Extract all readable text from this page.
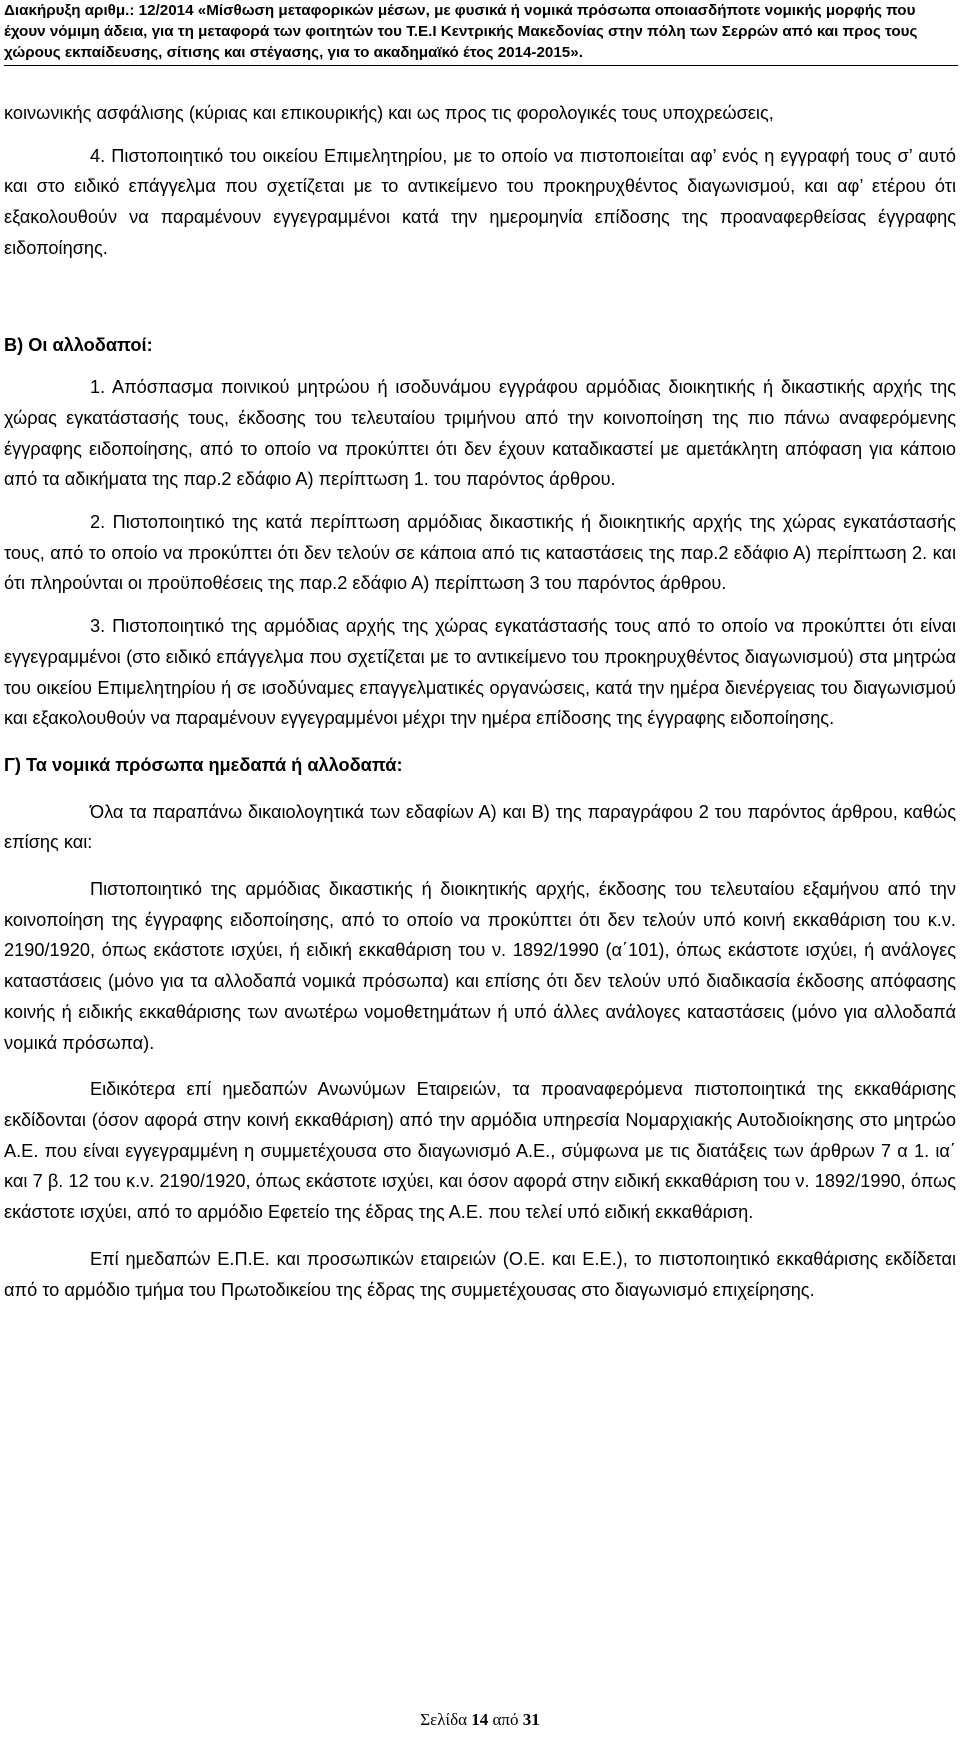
Διακήρυξη αριθμ.: 12/2014 «Μίσθωση μεταφορικών μέσων, με φυσικά ή νομικά πρόσωπα οποιασδήποτε νομικής μορφής που έχουν νόμιμη άδεια, για τη μεταφορά των φοιτητών του Τ.Ε.Ι Κεντρικής Μακεδονίας στην πόλη των Σερρών από και προς τους χώρους εκπαίδευσης, σίτισης και στέγασης, για το ακαδημαϊκό έτος 2014-2015».

κοινωνικής ασφάλισης (κύριας και επικουρικής) και ως προς τις φορολογικές τους υποχρεώσεις,

4. Πιστοποιητικό του οικείου Επιμελητηρίου, με το οποίο να πιστοποιείται αφ’ ενός η εγγραφή τους σ’ αυτό και στο ειδικό επάγγελμα που σχετίζεται με το αντικείμενο του προκηρυχθέντος διαγωνισμού, και αφ’ ετέρου ότι εξακολουθούν να παραμένουν εγγεγραμμένοι κατά την ημερομηνία επίδοσης της προαναφερθείσας έγγραφης ειδοποίησης.

Β) Οι αλλοδαποί:

1. Απόσπασμα ποινικού μητρώου ή ισοδυνάμου εγγράφου αρμόδιας διοικητικής ή δικαστικής αρχής της χώρας εγκατάστασής τους, έκδοσης του τελευταίου τριμήνου από την κοινοποίηση της πιο πάνω αναφερόμενης έγγραφης ειδοποίησης, από το οποίο να προκύπτει ότι δεν έχουν καταδικαστεί με αμετάκλητη απόφαση για κάποιο από τα αδικήματα της παρ.2 εδάφιο Α) περίπτωση 1. του παρόντος άρθρου.

2. Πιστοποιητικό της κατά περίπτωση αρμόδιας δικαστικής ή διοικητικής αρχής της χώρας εγκατάστασής τους, από το οποίο να προκύπτει ότι δεν τελούν σε κάποια από τις καταστάσεις της παρ.2 εδάφιο Α) περίπτωση 2. και ότι πληρούνται οι προϋποθέσεις της παρ.2 εδάφιο Α) περίπτωση 3 του παρόντος άρθρου.

3. Πιστοποιητικό της αρμόδιας αρχής της χώρας εγκατάστασής τους από το οποίο να προκύπτει ότι είναι εγγεγραμμένοι (στο ειδικό επάγγελμα που σχετίζεται με το αντικείμενο του προκηρυχθέντος διαγωνισμού) στα μητρώα του οικείου Επιμελητηρίου ή σε ισοδύναμες επαγγελματικές οργανώσεις, κατά την ημέρα διενέργειας του διαγωνισμού και εξακολουθούν να παραμένουν εγγεγραμμένοι μέχρι την ημέρα επίδοσης της έγγραφης ειδοποίησης.

Γ) Τα νομικά πρόσωπα ημεδαπά ή αλλοδαπά:

Όλα τα παραπάνω δικαιολογητικά των εδαφίων Α) και Β) της παραγράφου 2 του παρόντος άρθρου, καθώς επίσης και:

Πιστοποιητικό της αρμόδιας δικαστικής ή διοικητικής αρχής, έκδοσης του τελευταίου εξαμήνου από την κοινοποίηση της έγγραφης ειδοποίησης, από το οποίο να προκύπτει ότι δεν τελούν υπό κοινή εκκαθάριση του κ.ν. 2190/1920, όπως εκάστοτε ισχύει, ή ειδική εκκαθάριση του ν. 1892/1990 (α΄101), όπως εκάστοτε ισχύει, ή ανάλογες καταστάσεις (μόνο για τα αλλοδαπά νομικά πρόσωπα) και επίσης ότι δεν τελούν υπό διαδικασία έκδοσης απόφασης κοινής ή ειδικής εκκαθάρισης των ανωτέρω νομοθετημάτων ή υπό άλλες ανάλογες καταστάσεις (μόνο για αλλοδαπά νομικά πρόσωπα).

Ειδικότερα επί ημεδαπών Ανωνύμων Εταιρειών, τα προαναφερόμενα πιστοποιητικά της εκκαθάρισης εκδίδονται (όσον αφορά στην κοινή εκκαθάριση) από την αρμόδια υπηρεσία Νομαρχιακής Αυτοδιοίκησης στο μητρώο Α.Ε. που είναι εγγεγραμμένη η συμμετέχουσα στο διαγωνισμό Α.Ε., σύμφωνα με τις διατάξεις των άρθρων 7 α 1. ια΄ και 7 β. 12 του κ.ν. 2190/1920, όπως εκάστοτε ισχύει, και όσον αφορά στην ειδική εκκαθάριση του ν. 1892/1990, όπως εκάστοτε ισχύει, από το αρμόδιο Εφετείο της έδρας της Α.Ε. που τελεί υπό ειδική εκκαθάριση.

Επί ημεδαπών Ε.Π.Ε. και προσωπικών εταιρειών (Ο.Ε. και Ε.Ε.), το πιστοποιητικό εκκαθάρισης εκδίδεται από το αρμόδιο τμήμα του Πρωτοδικείου της έδρας της συμμετέχουσας στο διαγωνισμό επιχείρησης.

Σελίδα 14 από 31
